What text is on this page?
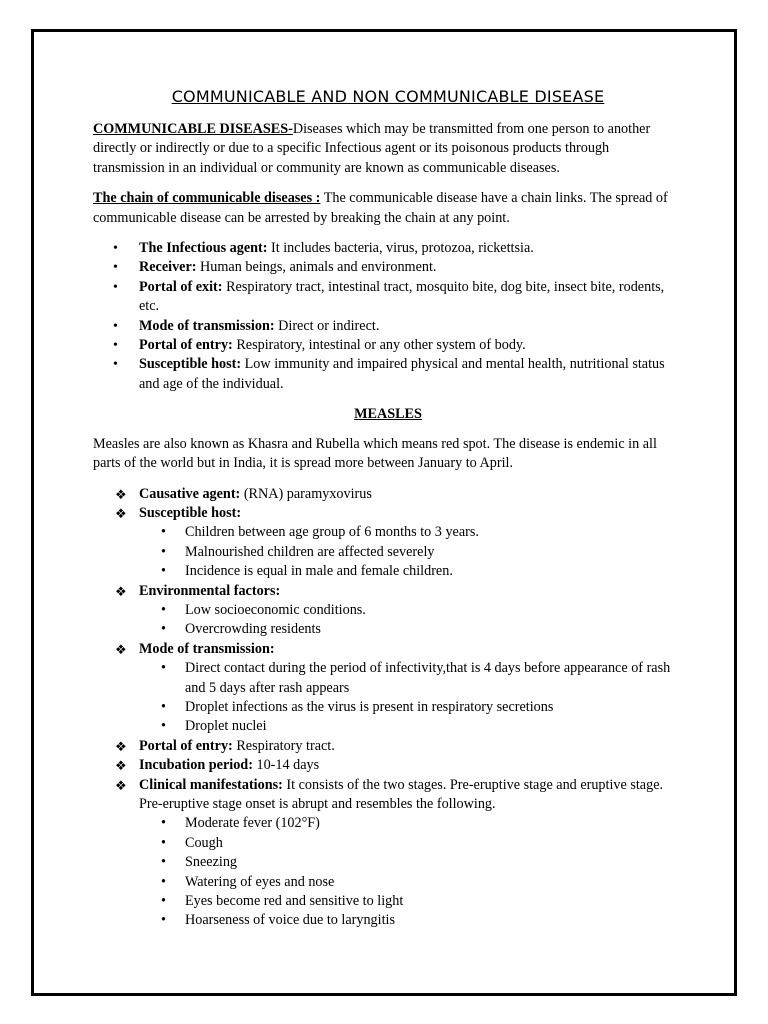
COMMUNICABLE AND NON COMMUNICABLE DISEASE

COMMUNICABLE DISEASES-Diseases which may be transmitted from one person to another directly or indirectly or due to a specific Infectious agent or its poisonous products through transmission in an individual or community are known as communicable diseases.

The chain of communicable diseases : The communicable disease have a chain links. The spread of communicable disease can be arrested by breaking the chain at any point.

• The Infectious agent: It includes bacteria, virus, protozoa, rickettsia.
• Receiver: Human beings, animals and environment.
• Portal of exit: Respiratory tract, intestinal tract, mosquito bite, dog bite, insect bite, rodents, etc.
• Mode of transmission: Direct or indirect.
• Portal of entry: Respiratory, intestinal or any other system of body.
• Susceptible host: Low immunity and impaired physical and mental health, nutritional status and age of the individual.
MEASLES

Measles are also known as Khasra and Rubella which means red spot. The disease is endemic in all parts of the world but in India, it is spread more between January to April.

❖ Causative agent: (RNA) paramyxovirus
❖ Susceptible host:
• Children between age group of 6 months to 3 years.
• Malnourished children are affected severely
• Incidence is equal in male and female children.
❖ Environmental factors:
• Low socioeconomic conditions.
• Overcrowding residents
❖ Mode of transmission:
• Direct contact during the period of infectivity,that is 4 days before appearance of rash and 5 days after rash appears
• Droplet infections as the virus is present in respiratory secretions
• Droplet nuclei
❖ Portal of entry: Respiratory tract.
❖ Incubation period: 10-14 days
❖ Clinical manifestations: It consists of the two stages. Pre-eruptive stage and eruptive stage. Pre-eruptive stage onset is abrupt and resembles the following.
• Moderate fever (102°F)
• Cough
• Sneezing
• Watering of eyes and nose
• Eyes become red and sensitive to light
• Hoarseness of voice due to laryngitis
